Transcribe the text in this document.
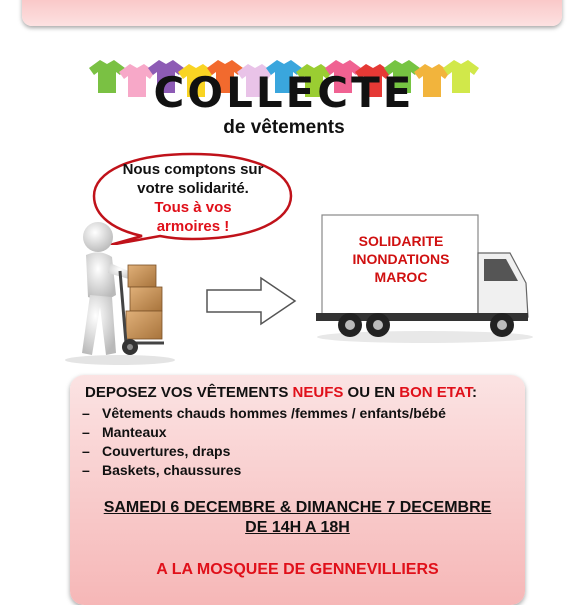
COLLECTE
de vêtements
Nous comptons sur
votre solidarité.
Tous à vos
armoires !
SOLIDARITE
INONDATIONS
MAROC
DEPOSEZ VOS VÊTEMENTS NEUFS OU EN BON ETAT:
– Vêtements chauds hommes /femmes / enfants/bébé
– Manteaux
– Couvertures, draps
– Baskets, chaussures
SAMEDI 6 DECEMBRE & DIMANCHE 7 DECEMBRE
DE 14H A 18H
A LA MOSQUEE DE GENNEVILLIERS
